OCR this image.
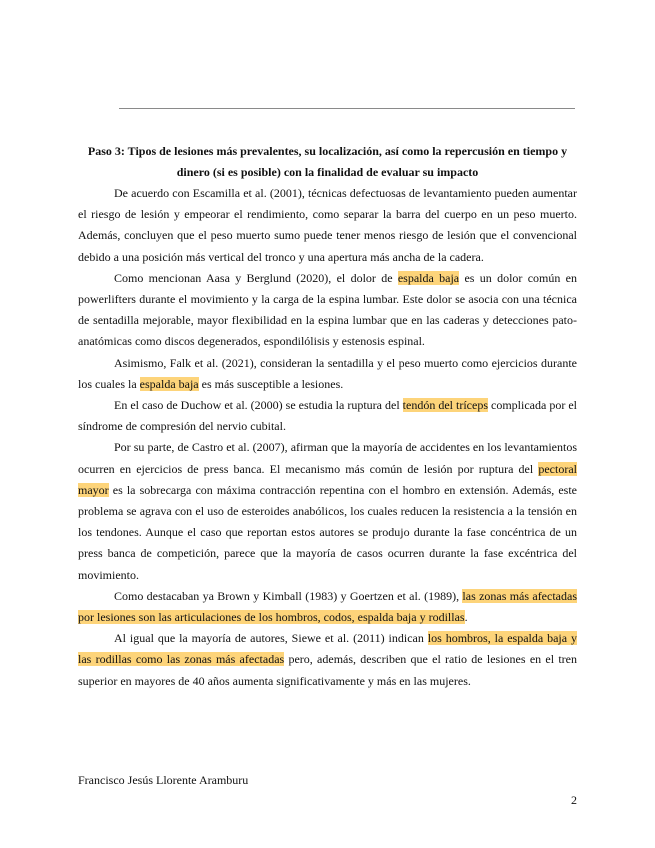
Paso 3: Tipos de lesiones más prevalentes, su localización, así como la repercusión en tiempo y dinero (si es posible) con la finalidad de evaluar su impacto

De acuerdo con Escamilla et al. (2001), técnicas defectuosas de levantamiento pueden aumentar el riesgo de lesión y empeorar el rendimiento, como separar la barra del cuerpo en un peso muerto. Además, concluyen que el peso muerto sumo puede tener menos riesgo de lesión que el convencional debido a una posición más vertical del tronco y una apertura más ancha de la cadera.

Como mencionan Aasa y Berglund (2020), el dolor de espalda baja es un dolor común en powerlifters durante el movimiento y la carga de la espina lumbar. Este dolor se asocia con una técnica de sentadilla mejorable, mayor flexibilidad en la espina lumbar que en las caderas y detecciones pato-anatómicas como discos degenerados, espondilólisis y estenosis espinal.

Asimismo, Falk et al. (2021), consideran la sentadilla y el peso muerto como ejercicios durante los cuales la espalda baja es más susceptible a lesiones.

En el caso de Duchow et al. (2000) se estudia la ruptura del tendón del tríceps complicada por el síndrome de compresión del nervio cubital.

Por su parte, de Castro et al. (2007), afirman que la mayoría de accidentes en los levantamientos ocurren en ejercicios de press banca. El mecanismo más común de lesión por ruptura del pectoral mayor es la sobrecarga con máxima contracción repentina con el hombro en extensión. Además, este problema se agrava con el uso de esteroides anabólicos, los cuales reducen la resistencia a la tensión en los tendones. Aunque el caso que reportan estos autores se produjo durante la fase concéntrica de un press banca de competición, parece que la mayoría de casos ocurren durante la fase excéntrica del movimiento.

Como destacaban ya Brown y Kimball (1983) y Goertzen et al. (1989), las zonas más afectadas por lesiones son las articulaciones de los hombros, codos, espalda baja y rodillas.

Al igual que la mayoría de autores, Siewe et al. (2011) indican los hombros, la espalda baja y las rodillas como las zonas más afectadas pero, además, describen que el ratio de lesiones en el tren superior en mayores de 40 años aumenta significativamente y más en las mujeres.

Francisco Jesús Llorente Aramburu
2
